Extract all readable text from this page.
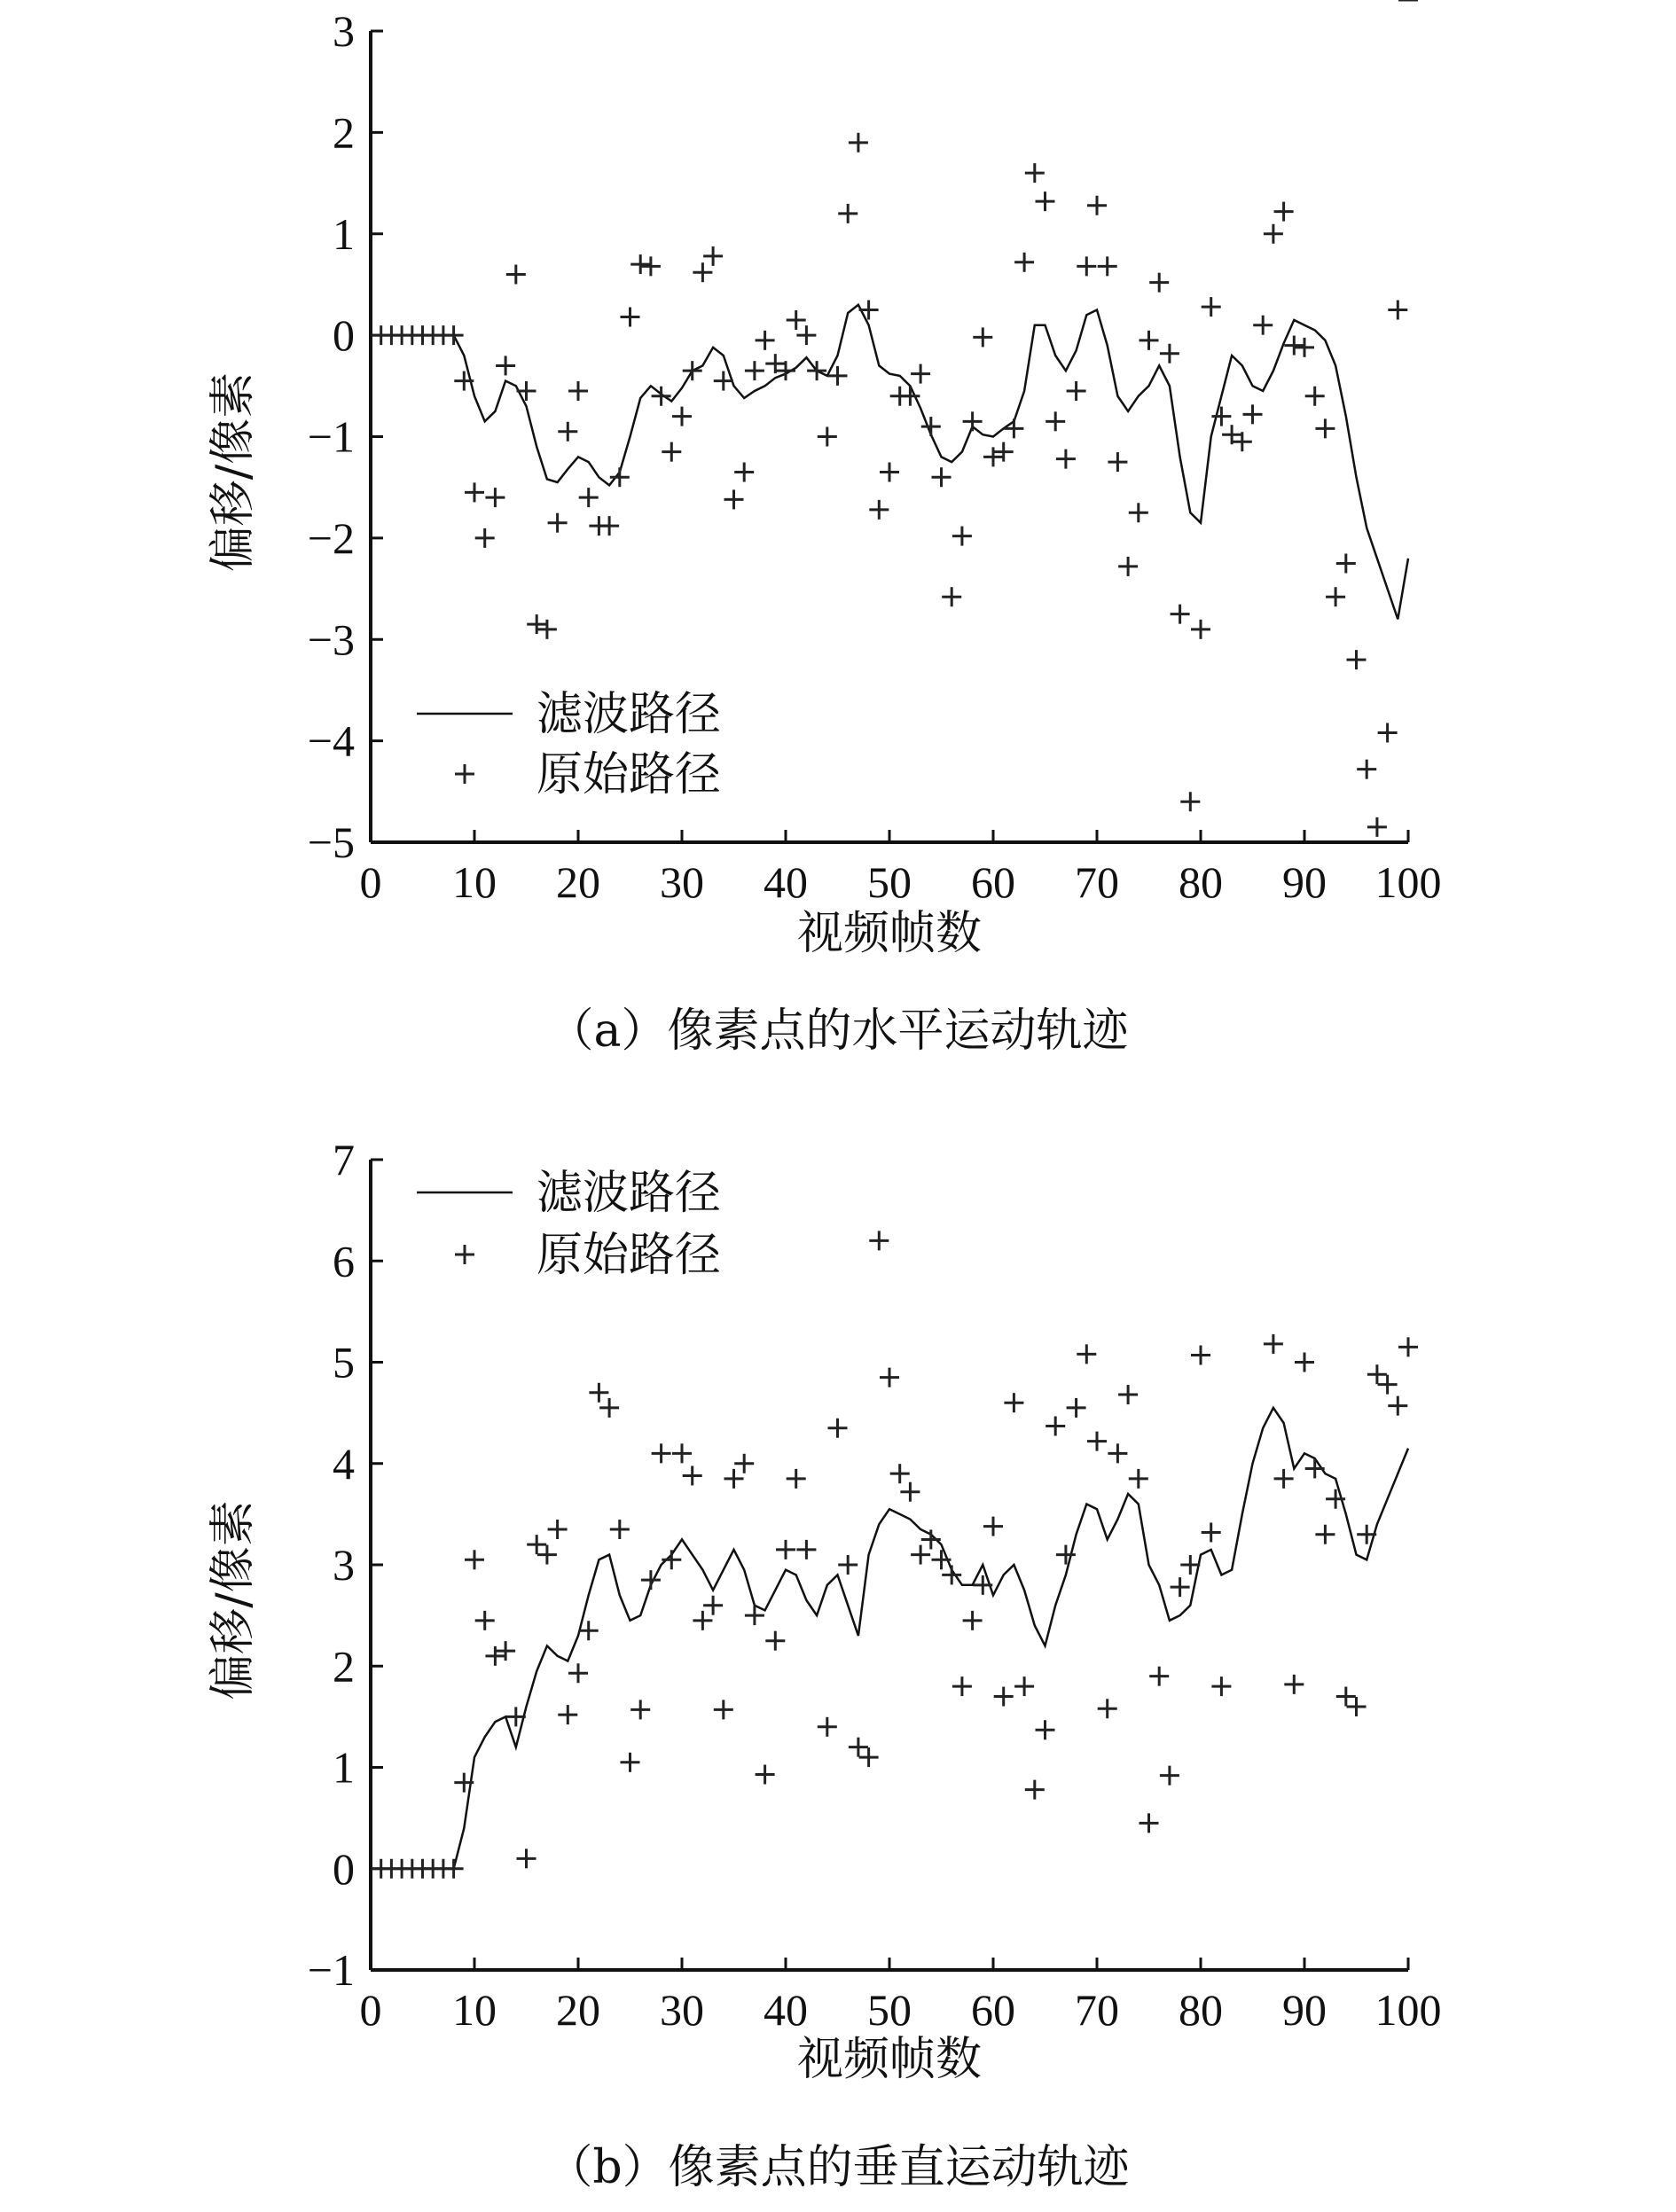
3
2
1
0
−1
−2
−3
−4
−5
0 10 20 30 40 50 60 70 80 90 100
视频帧数
偏移/像素
（a）像素点的水平运动轨迹
滤波路径
原始路径
7
6
5
4
3
2
1
0
−1
0 10 20 30 40 50 60 70 80 90 100
视频帧数
偏移/像素
（b）像素点的垂直运动轨迹
滤波路径
原始路径
